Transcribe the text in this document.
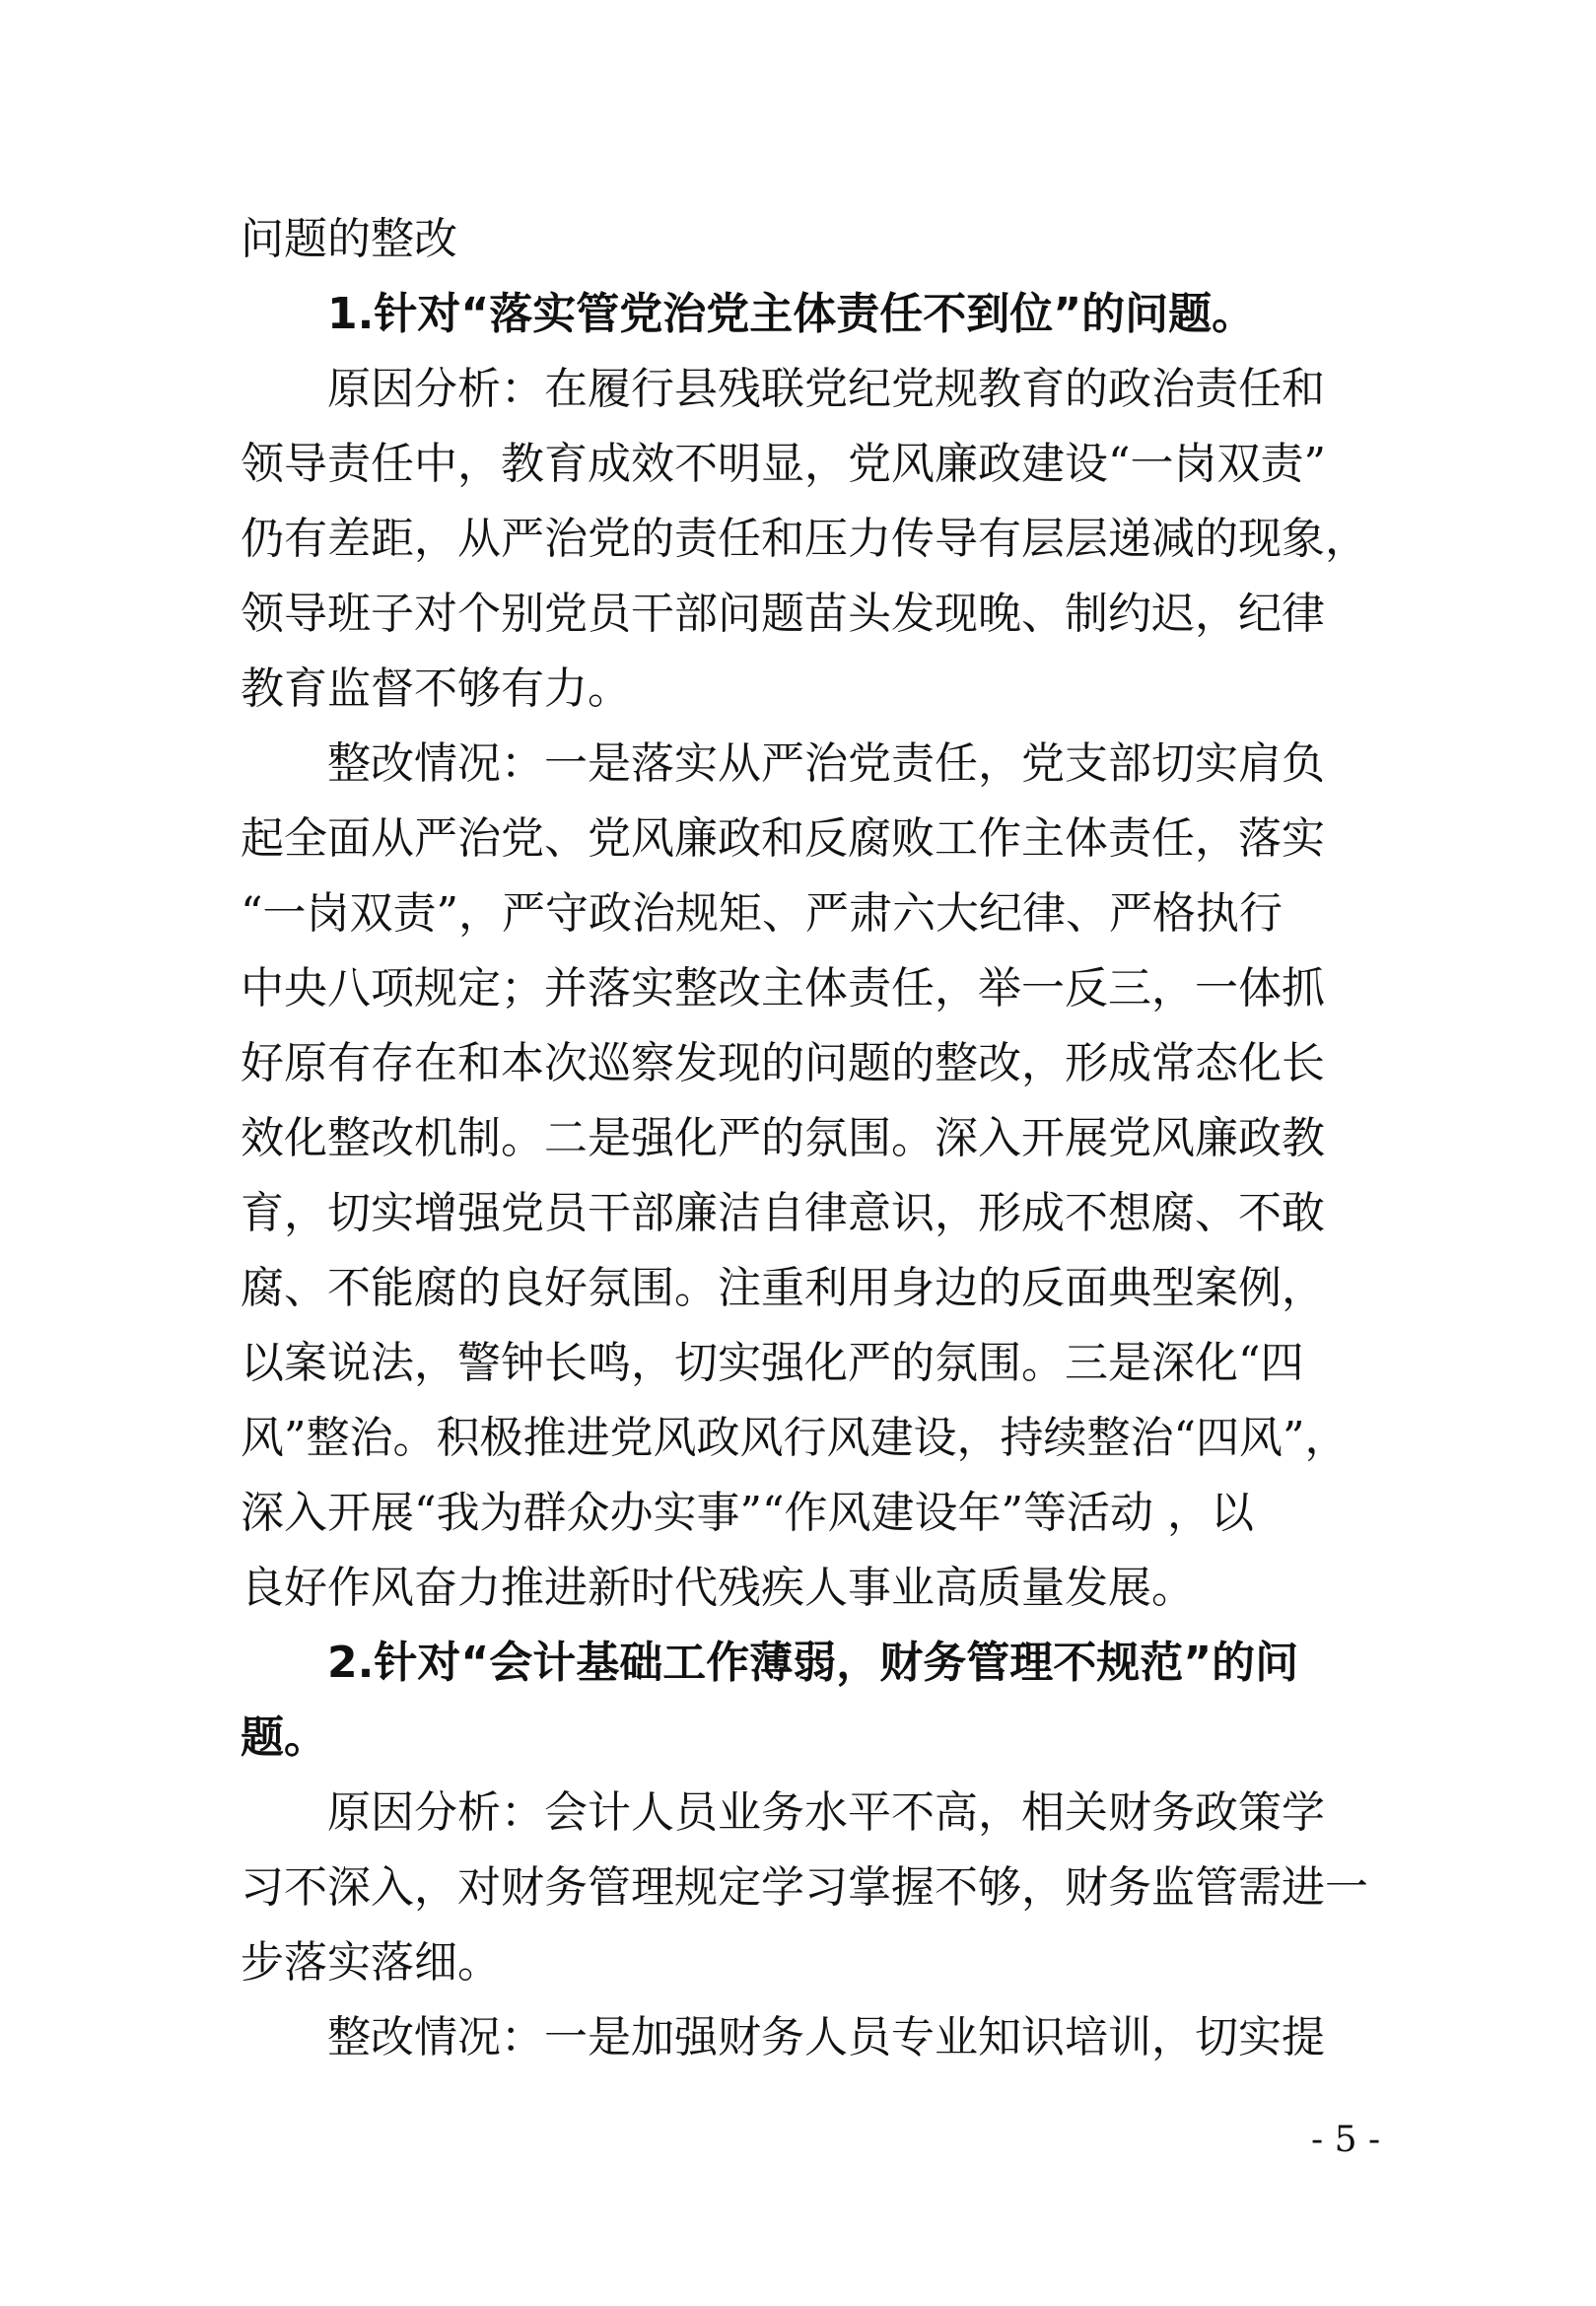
问题的整改

1.针对“落实管党治党主体责任不到位”的问题。

原因分析：在履行县残联党纪党规教育的政治责任和

领导责任中，教育成效不明显，党风廉政建设“一岗双责”

仍有差距，从严治党的责任和压力传导有层层递减的现象，

领导班子对个别党员干部问题苗头发现晚、制约迟，纪律

教育监督不够有力。

整改情况：一是落实从严治党责任，党支部切实肩负

起全面从严治党、党风廉政和反腐败工作主体责任，落实

“一岗双责”，严守政治规矩、严肃六大纪律、严格执行

中央八项规定；并落实整改主体责任，举一反三，一体抓

好原有存在和本次巡察发现的问题的整改，形成常态化长

效化整改机制。二是强化严的氛围。深入开展党风廉政教

育，切实增强党员干部廉洁自律意识，形成不想腐、不敢

腐、不能腐的良好氛围。注重利用身边的反面典型案例，

以案说法，警钟长鸣，切实强化严的氛围。三是深化“四

风”整治。积极推进党风政风行风建设，持续整治“四风”，

深入开展“我为群众办实事”“作风建设年”等活动 ，以

良好作风奋力推进新时代残疾人事业高质量发展。

2.针对“会计基础工作薄弱，财务管理不规范”的问

题。

原因分析：会计人员业务水平不高，相关财务政策学

习不深入，对财务管理规定学习掌握不够，财务监管需进一

步落实落细。

整改情况：一是加强财务人员专业知识培训，切实提

- 5 -
